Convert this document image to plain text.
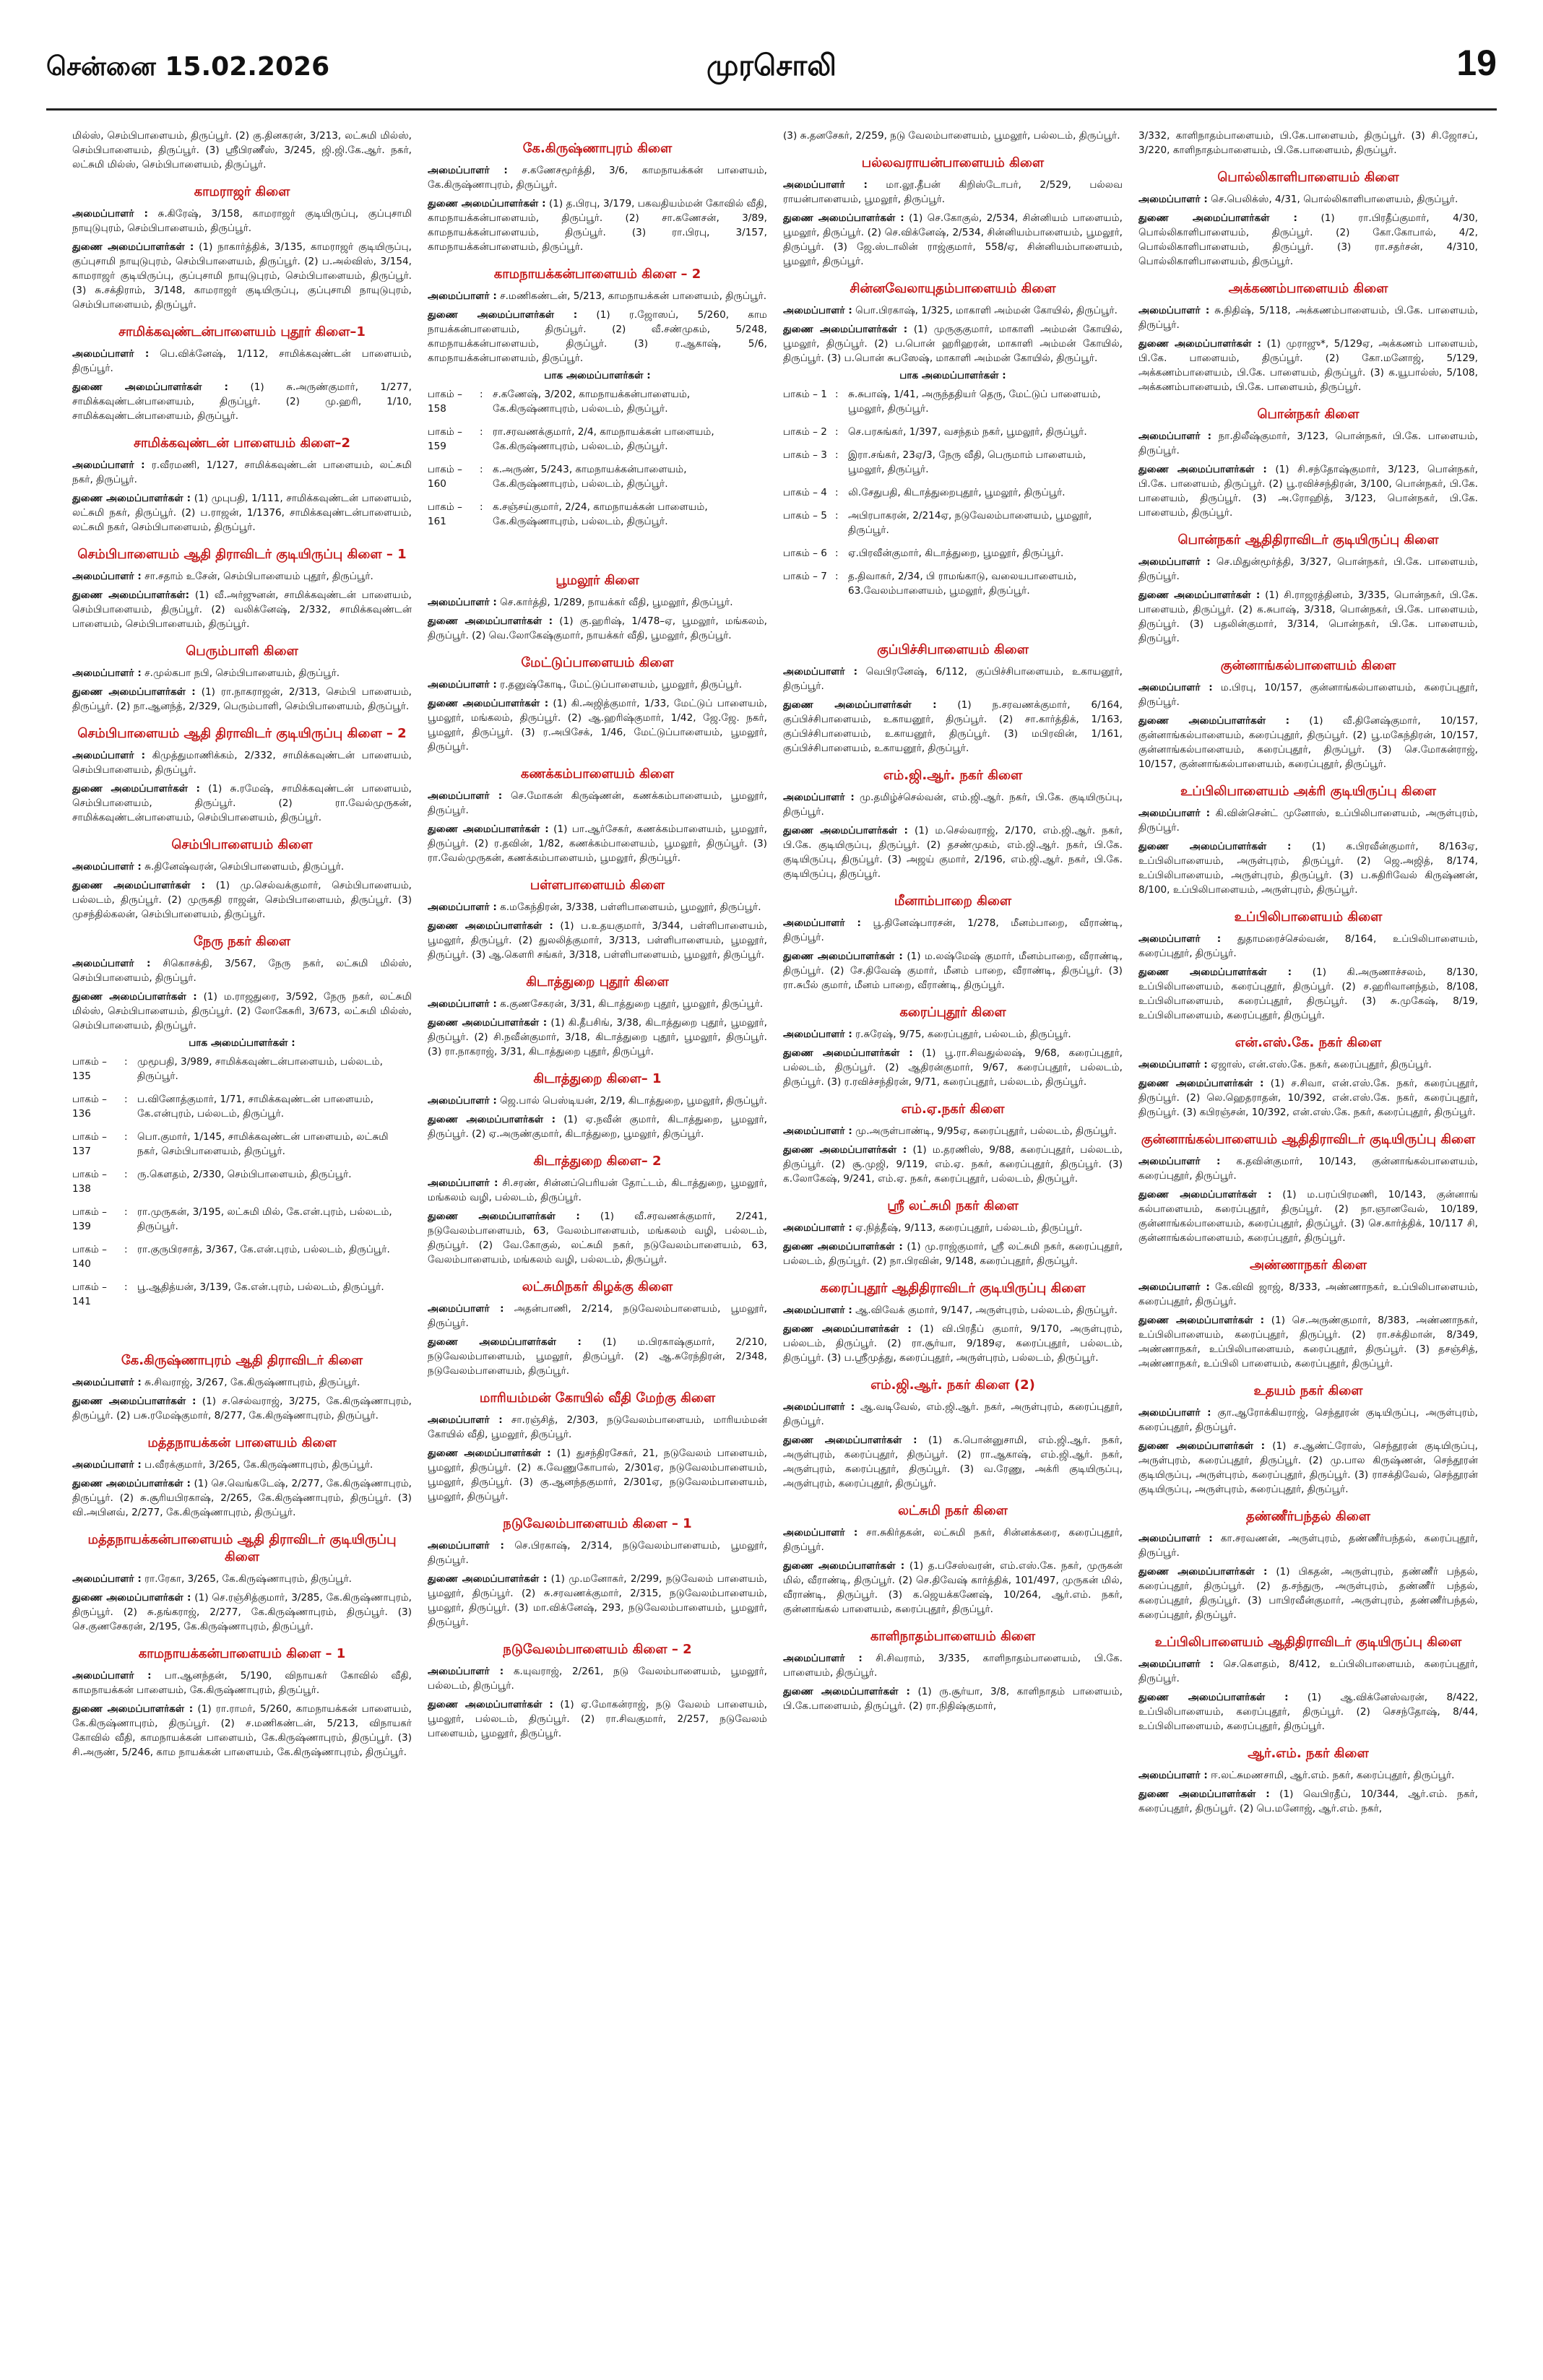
சென்னை 15.02.2026	முரசொலி	19
மில்ஸ், செம்பிபாளையம், திருப்பூர். (2) கு.தினகரன், 3/213, லட்சுமி மில்ஸ், செம்பிபாளையம், திருப்பூர். (3) ஸ்ரீபிரணீஸ், 3/245, ஜி.ஜி.கே.ஆர். நகர், லட்சுமி மில்ஸ், செம்பிபாளையம், திருப்பூர்.
காமராஜர் கிளை
அமைப்பாளர் : சு.கிரேஷ், 3/158, காமராஜர் குடியிருப்பு, குப்புசாமி நாயுடுபுரம், செம்பிபாளையம், திருப்பூர்.
துணை அமைப்பாளர்கள் : (1) நாகார்த்திக், 3/135, காமராஜர் குடியிருப்பு, குப்புசாமி நாயுடுபுரம், செம்பிபாளையம், திருப்பூர். (2) ப.அல்விஸ், 3/154, காமராஜர் குடியிருப்பு, குப்புசாமி நாயுடுபுரம், செம்பிபாளையம், திருப்பூர். (3) சு.சக்திராம், 3/148, காமராஜர் குடியிருப்பு, குப்புசாமி நாயுடுபுரம், செம்பிபாளையம், திருப்பூர்.
சாமிக்கவுண்டன்பாளையம் புதூர் கிளை–1
அமைப்பாளர் : பெ.விக்னேஷ், 1/112, சாமிக்கவுண்டன் பாளையம், திருப்பூர்.
துணை அமைப்பாளர்கள் : (1) சு.அருண்குமார், 1/277, சாமிக்கவுண்டன்பாளையம், திருப்பூர். (2) மு.ஹரி, 1/10, சாமிக்கவுண்டன்பாளையம், திருப்பூர்.
சாமிக்கவுண்டன் பாளையம் கிளை–2
அமைப்பாளர் : ர.வீரமணி, 1/127, சாமிக்கவுண்டன் பாளையம், லட்சுமி நகர், திருப்பூர்.
துணை அமைப்பாளர்கள் : (1) முபுபதி, 1/111, சாமிக்கவுண்டன் பாளையம், லட்சுமி நகர், திருப்பூர். (2) ப.ராஜன், 1/1376, சாமிக்கவுண்டன்பாளையம், லட்சுமி நகர், செம்பிபாளையம், திருப்பூர்.
செம்பிபாளையம் ஆதி திராவிடர் குடியிருப்பு கிளை – 1
அமைப்பாளர் : சா.சதாம் உசேன், செம்பிபாளையம் புதூர், திருப்பூர்.
துணை அமைப்பாளர்கள்: (1) வீ.அர்ஜுனன், சாமிக்கவுண்டன் பாளையம், செம்பிபாளையம், திருப்பூர். (2) வலிக்னேஷ், 2/332, சாமிக்கவுண்டன் பாளையம், செம்பிபாளையம், திருப்பூர்.
பெரும்பாளி கிளை
அமைப்பாளர் : ச.முல்கபா நபி, செம்பிபாளையம், திருப்பூர்.
துணை அமைப்பாளர்கள் : (1) ரா.நாகராஜன், 2/313, செம்பி பாளையம், திருப்பூர். (2) நா.ஆனந்த், 2/329, பெரும்பாளி, செம்பிபாளையம், திருப்பூர்.
செம்பிபாளையம் ஆதி திராவிடர் குடியிருப்பு கிளை – 2
அமைப்பாளர் : கிமுத்துமாணிக்கம், 2/332, சாமிக்கவுண்டன் பாளையம், செம்பிபாளையம், திருப்பூர்.
துணை அமைப்பாளர்கள் : (1) சு.ரமேஷ், சாமிக்கவுண்டன் பாளையம், செம்பிபாளையம், திருப்பூர். (2) ரா.வேல்முருகன், சாமிக்கவுண்டன்பாளையம், செம்பிபாளையம், திருப்பூர்.
செம்பிபாளையம் கிளை
அமைப்பாளர் : சு.தினேஷ்வரன், செம்பிபாளையம், திருப்பூர்.
துணை அமைப்பாளர்கள் : (1) மு.செல்வக்குமார், செம்பிபாளையம், பல்லடம், திருப்பூர். (2) முருகதி ராஜன், செம்பிபாளையம், திருப்பூர். (3) முசந்தில்கலன், செம்பிபாளையம், திருப்பூர்.
நேரு நகர் கிளை
அமைப்பாளர் : சிகொசக்தி, 3/567, நேரு நகர், லட்சுமி மில்ஸ், செம்பிபாளையம், திருப்பூர்.
துணை அமைப்பாளர்கள் : (1) ம.ராஜதுரை, 3/592, நேரு நகர், லட்சுமி மில்ஸ், செம்பிபாளையம், திருப்பூர். (2) லோகேசுரி, 3/673, லட்சுமி மில்ஸ், செம்பிபாளையம், திருப்பூர்.
பாக அமைப்பாளர்கள் :
பாகம் – 135
: முமூபதி, 3/989, சாமிக்கவுண்டன்பாளையம், பல்லடம், திருப்பூர்.
பாகம் – 136
: ப.வினோத்குமார், 1/71, சாமிக்கவுண்டன் பாளையம், கே.என்புரம், பல்லடம், திருப்பூர்.
பாகம் – 137
: பொ.குமார், 1/145, சாமிக்கவுண்டன் பாளையம், லட்சுமி நகர், செம்பிபாளையம், திருப்பூர்.
பாகம் – 138
: ரு.கௌதம், 2/330, செம்பிபாளையம், திருப்பூர்.
பாகம் – 139
: ரா.முருகன், 3/195, லட்சுமி மில், கே.என்.புரம், பல்லடம், திருப்பூர்.
பாகம் – 140
: ரா.குருபிரசாத், 3/367, கே.என்.புரம், பல்லடம், திருப்பூர்.
பாகம் – 141
: பூ.ஆதித்யன், 3/139, கே.என்.புரம், பல்லடம், திருப்பூர்.
கே.கிருஷ்ணாபுரம் ஆதி திராவிடர் கிளை
அமைப்பாளர் : சு.சிவராஜ், 3/267, கே.கிருஷ்ணாபுரம், திருப்பூர்.
துணை அமைப்பாளர்கள் : (1) ச.செல்வராஜ், 3/275, கே.கிருஷ்ணாபுரம், திருப்பூர். (2) பசு.ரமேஷ்குமார், 8/277, கே.கிருஷ்ணாபுரம், திருப்பூர்.
மத்தநாயக்கன் பாளையம் கிளை
அமைப்பாளர் : ப.வீரக்குமார், 3/265, கே.கிருஷ்ணாபுரம், திருப்பூர்.
துணை அமைப்பாளர்கள் : (1) செ.வெங்கடேஷ், 2/277, கே.கிருஷ்ணாபுரம், திருப்பூர். (2) சு.சூரியபிரகாஷ், 2/265, கே.கிருஷ்ணாபுரம், திருப்பூர். (3) வி.அபினவ், 2/277, கே.கிருஷ்ணாபுரம், திருப்பூர்.
மத்தநாயக்கன்பாளையம் ஆதி திராவிடர் குடியிருப்பு கிளை
அமைப்பாளர் : ரா.ரேகா, 3/265, கே.கிருஷ்ணாபுரம், திருப்பூர்.
துணை அமைப்பாளர்கள் : (1) செ.ரஞ்சித்குமார், 3/285, கே.கிருஷ்ணாபுரம், திருப்பூர். (2) சு.தங்கராஜ், 2/277, கே.கிருஷ்ணாபுரம், திருப்பூர். (3) செ.குணசேகரன், 2/195, கே.கிருஷ்ணாபுரம், திருப்பூர்.
காமநாயக்கன்பாளையம் கிளை – 1
அமைப்பாளர் : பா.ஆனந்தன், 5/190, விநாயகர் கோவில் வீதி, காமநாயக்கன் பாளையம், கே.கிருஷ்ணாபுரம், திருப்பூர்.
துணை அமைப்பாளர்கள் : (1) ரா.ராமர், 5/260, காமநாயக்கன் பாளையம், கே.கிருஷ்ணாபுரம், திருப்பூர். (2) ச.மணிகண்டன், 5/213, விநாயகர் கோவில் வீதி, காமநாயக்கன் பாளையம், கே.கிருஷ்ணாபுரம், திருப்பூர். (3) சி.அருண், 5/246, காம நாயக்கன் பாளையம், கே.கிருஷ்ணாபுரம், திருப்பூர்.
கே.கிருஷ்ணாபுரம் கிளை
அமைப்பாளர் : ச.கணேசமூர்த்தி, 3/6, காமநாயக்கன் பாளையம், கே.கிருஷ்ணாபுரம், திருப்பூர்.
துணை அமைப்பாளர்கள் : (1) த.பிரபு, 3/179, பகவதியம்மன் கோவில் வீதி, காமநாயக்கன்பாளையம், திருப்பூர். (2) சா.கணேசன், 3/89, காமநாயக்கன்பாளையம், திருப்பூர். (3) ரா.பிரபு, 3/157, காமநாயக்கன்பாளையம், திருப்பூர்.
காமநாயக்கன்பாளையம் கிளை – 2
அமைப்பாளர் : ச.மணிகண்டன், 5/213, காமநாயக்கன் பாளையம், திருப்பூர்.
துணை அமைப்பாளர்கள் : (1) ர.ஜோஸப், 5/260, காம நாயக்கன்பாளையம், திருப்பூர். (2) வீ.சண்முகம், 5/248, காமநாயக்கன்பாளையம், திருப்பூர். (3) ர.ஆகாஷ், 5/6, காமநாயக்கன்பாளையம், திருப்பூர்.
பாக அமைப்பாளர்கள் :
பாகம் – 158
: ச.கணேஷ், 3/202, காமநாயக்கன்பாளையம், கே.கிருஷ்ணாபுரம், பல்லடம், திருப்பூர்.
பாகம் – 159
: ரா.சரவணக்குமார், 2/4, காமநாயக்கன் பாளையம், கே.கிருஷ்ணாபுரம், பல்லடம், திருப்பூர்.
பாகம் – 160
: க.அருண், 5/243, காமநாயக்கன்பாளையம், கே.கிருஷ்ணாபுரம், பல்லடம், திருப்பூர்.
பாகம் – 161
: க.சஞ்சய்குமார், 2/24, காமநாயக்கன் பாளையம், கே.கிருஷ்ணாபுரம், பல்லடம், திருப்பூர்.
பூமலூர் கிளை
அமைப்பாளர் : செ.கார்த்தி, 1/289, நாயக்கர் வீதி, பூமலூர், திருப்பூர்.
துணை அமைப்பாளர்கள் : (1) கு.ஹரிஷ், 1/478–ஏ, பூமலூர், மங்கலம், திருப்பூர். (2) வெ.லோகேஷ்குமார், நாயக்கர் வீதி, பூமலூர், திருப்பூர்.
மேட்டுப்பாளையம் கிளை
அமைப்பாளர் : ர.தனுஷ்கோடி, மேட்டுப்பாளையம், பூமலூர், திருப்பூர்.
துணை அமைப்பாளர்கள் : (1) கி.அஜித்குமார், 1/33, மேட்டுப் பாளையம், பூமலூர், மங்கலம், திருப்பூர். (2) ஆ.ஹரிஷ்குமார், 1/42, ஜே.ஜே. நகர், பூமலூர், திருப்பூர். (3) ர.அபிசேக், 1/46, மேட்டுப்பாளையம், பூமலூர், திருப்பூர்.
கணக்கம்பாளையம் கிளை
அமைப்பாளர் : செ.மோகன் கிருஷ்ணன், கணக்கம்பாளையம், பூமலூர், திருப்பூர்.
துணை அமைப்பாளர்கள் : (1) பா.ஆர்சேகர், கணக்கம்பாளையம், பூமலூர், திருப்பூர். (2) ர.தவின், 1/82, கணக்கம்பாளையம், பூமலூர், திருப்பூர். (3) ரா.வேல்முருகன், கணக்கம்பாளையம், பூமலூர், திருப்பூர்.
பள்ளபாளையம் கிளை
அமைப்பாளர் : க.மகேந்திரன், 3/338, பள்ளிபாளையம், பூமலூர், திருப்பூர்.
துணை அமைப்பாளர்கள் : (1) ப.உதயகுமார், 3/344, பள்ளிபாளையம், பூமலூர், திருப்பூர். (2) துலலித்குமார், 3/313, பள்ளிபாளையம், பூமலூர், திருப்பூர். (3) ஆ.கௌரி சங்கர், 3/318, பள்ளிபாளையம், பூமலூர், திருப்பூர்.
கிடாத்துறை புதூர் கிளை
அமைப்பாளர் : க.குணசேகரன், 3/31, கிடாத்துறை புதூர், பூமலூர், திருப்பூர்.
துணை அமைப்பாளர்கள் : (1) கி.தீபசிங், 3/38, கிடாத்துறை புதூர், பூமலூர், திருப்பூர். (2) சி.நவீன்குமார், 3/18, கிடாத்துறை புதூர், பூமலூர், திருப்பூர். (3) ரா.நாகராஜ், 3/31, கிடாத்துறை புதூர், திருப்பூர்.
கிடாத்துறை கிளை– 1
அமைப்பாளர் : ஜெ.பால் பெஸ்டியன், 2/19, கிடாத்துறை, பூமலூர், திருப்பூர்.
துணை அமைப்பாளர்கள் : (1) ஏ.நவீன் குமார், கிடாத்துறை, பூமலூர், திருப்பூர். (2) ஏ.அருண்குமார், கிடாத்துறை, பூமலூர், திருப்பூர்.
கிடாத்துறை கிளை– 2
அமைப்பாளர் : சி.சரண், சின்னப்பெரியன் தோட்டம், கிடாத்துறை, பூமலூர், மங்கலம் வழி, பல்லடம், திருப்பூர்.
துணை அமைப்பாளர்கள் : (1) வீ.சரவணக்குமார், 2/241, நடுவேலம்பாளையம், 63, வேலம்பாளையம், மங்கலம் வழி, பல்லடம், திருப்பூர். (2) வே.கோகுல், லட்சுமி நகர், நடுவேலம்பாளையம், 63, வேலம்பாளையம், மங்கலம் வழி, பல்லடம், திருப்பூர்.
லட்சுமிநகர் கிழக்கு கிளை
அமைப்பாளர் : அதன்பாணி, 2/214, நடுவேலம்பாளையம், பூமலூர், திருப்பூர்.
துணை அமைப்பாளர்கள் : (1) ம.பிரகாஷ்குமார், 2/210, நடுவேலம்பாளையம், பூமலூர், திருப்பூர். (2) ஆ.சுரேந்திரன், 2/348, நடுவேலம்பாளையம், திருப்பூர்.
மாரியம்மன் கோயில் வீதி மேற்கு கிளை
அமைப்பாளர் : சா.ரஞ்சித், 2/303, நடுவேலம்பாளையம், மாரியம்மன் கோயில் வீதி, பூமலூர், திருப்பூர்.
துணை அமைப்பாளர்கள் : (1) துசந்திரசேகர், 21, நடுவேலம் பாளையம், பூமலூர், திருப்பூர். (2) க.வேணுகோபால், 2/301ஏ, நடுவேலம்பாளையம், பூமலூர், திருப்பூர். (3) கு.ஆனந்தகுமார், 2/301ஏ, நடுவேலம்பாளையம், பூமலூர், திருப்பூர்.
நடுவேலம்பாளையம் கிளை – 1
அமைப்பாளர் : செ.பிரகாஷ், 2/314, நடுவேலம்பாளையம், பூமலூர், திருப்பூர்.
துணை அமைப்பாளர்கள் : (1) மு.மனோகர், 2/299, நடுவேலம் பாளையம், பூமலூர், திருப்பூர். (2) சு.சரவணக்குமார், 2/315, நடுவேலம்பாளையம், பூமலூர், திருப்பூர். (3) மா.விக்னேஷ், 293, நடுவேலம்பாளையம், பூமலூர், திருப்பூர்.
நடுவேலம்பாளையம் கிளை – 2
அமைப்பாளர் : க.யுவராஜ், 2/261, நடு வேலம்பாளையம், பூமலூர், பல்லடம், திருப்பூர்.
துணை அமைப்பாளர்கள் : (1) ஏ.மோகன்ராஜ், நடு வேலம் பாளையம், பூமலூர், பல்லடம், திருப்பூர். (2) ரா.சிவகுமார், 2/257, நடுவேலம் பாளையம், பூமலூர், திருப்பூர்.
(3) சு.தனசேகர், 2/259, நடு வேலம்பாளையம், பூமலூர், பல்லடம், திருப்பூர்.
பல்லவராயன்பாளையம் கிளை
அமைப்பாளர் : மா.லூ.தீபன் கிறிஸ்டோபர், 2/529, பல்லவ ராயன்பாளையம், பூமலூர், திருப்பூர்.
துணை அமைப்பாளர்கள் : (1) செ.கோகுல், 2/534, சின்னியம் பாளையம், பூமலூர், திருப்பூர். (2) செ.விக்னேஷ், 2/534, சின்னியம்பாளையம், பூமலூர், திருப்பூர். (3) ஜே.ஸ்டாலின் ராஜ்குமார், 558/ஏ, சின்னியம்பாளையம், பூமலூர், திருப்பூர்.
சின்னவேலாயுதம்பாளையம் கிளை
அமைப்பாளர் : பொ.பிரகாஷ், 1/325, மாகாளி அம்மன் கோயில், திருப்பூர்.
துணை அமைப்பாளர்கள் : (1) முருகுகுமார், மாகாளி அம்மன் கோயில், பூமலூர், திருப்பூர். (2) ப.பொன் ஹரிஹரன், மாகாளி அம்மன் கோயில், திருப்பூர். (3) ப.பொன் சுபஸேஷ், மாகாளி அம்மன் கோயில், திருப்பூர்.
பாக அமைப்பாளர்கள் :
பாகம் – 1 : சு.சுபாஷ், 1/41, அருந்ததியர் தெரு, மேட்டுப் பாளையம், பூமலூர், திருப்பூர்.
பாகம் – 2 : செ.பரசுங்கர், 1/397, வசந்தம் நகர், பூமலூர், திருப்பூர்.
பாகம் – 3 : இரா.சங்கர், 23ஏ/3, நேரு வீதி, பெருமாம் பாளையம், பூமலூர், திருப்பூர்.
பாகம் – 4 : லி.சேதுபதி, கிடாத்துறைபுதூர், பூமலூர், திருப்பூர்.
பாகம் – 5 : அபிரபாகரன், 2/214ஏ, நடுவேலம்பாளையம், பூமலூர், திருப்பூர்.
பாகம் – 6 : ஏ.பிரவீன்குமார், கிடாத்துறை, பூமலூர், திருப்பூர்.
பாகம் – 7 : த.திவாகர், 2/34, பி ராமங்காடு, வலையபாளையம், 63.வேலம்பாளையம், பூமலூர், திருப்பூர்.
குப்பிச்சிபாளையம் கிளை
அமைப்பாளர் : வெபிரனேஷ், 6/112, குப்பிச்சிபாளையம், உகாயனூர், திருப்பூர்.
துணை அமைப்பாளர்கள் : (1) ந.சரவணக்குமார், 6/164, குப்பிச்சிபாளையம், உகாயனூர், திருப்பூர். (2) சா.கார்த்திக், 1/163, குப்பிச்சிபாளையம், உகாயனூர், திருப்பூர். (3) மபிரவின், 1/161, குப்பிச்சிபாளையம், உகாயனூர், திருப்பூர்.
எம்.ஜி.ஆர். நகர் கிளை
அமைப்பாளர் : மு.தமிழ்ச்செல்வன், எம்.ஜி.ஆர். நகர், பி.கே. குடியிருப்பு, திருப்பூர்.
துணை அமைப்பாளர்கள் : (1) ம.செல்வராஜ், 2/170, எம்.ஜி.ஆர். நகர், பி.கே. குடியிருப்பு, திருப்பூர். (2) தசண்முகம், எம்.ஜி.ஆர். நகர், பி.கே. குடியிருப்பு, திருப்பூர். (3) அஜய் குமார், 2/196, எம்.ஜி.ஆர். நகர், பி.கே. குடியிருப்பு, திருப்பூர்.
மீனாம்பாறை கிளை
அமைப்பாளர் : பூ.தினேஷ்பாரசன், 1/278, மீனம்பாறை, வீராண்டி, திருப்பூர்.
துணை அமைப்பாளர்கள் : (1) ம.லஷ்மேஷ் குமார், மீனம்பாறை, வீராண்டி, திருப்பூர். (2) சே.திவேஷ் குமார், மீனம் பாறை, வீராண்டி, திருப்பூர். (3) ரா.சுபீல் குமார், மீனம் பாறை, வீராண்டி, திருப்பூர்.
கரைப்புதூர் கிளை
அமைப்பாளர் : ர.சுரேஷ், 9/75, கரைப்புதூர், பல்லடம், திருப்பூர்.
துணை அமைப்பாளர்கள் : (1) பூ.ரா.சிவதுல்லஷ், 9/68, கரைப்புதூர், பல்லடம், திருப்பூர். (2) ஆதிரன்குமார், 9/67, கரைப்புதூர், பல்லடம், திருப்பூர். (3) ர.ரவிச்சந்திரன், 9/71, கரைப்புதூர், பல்லடம், திருப்பூர்.
எம்.ஏ.நகர் கிளை
அமைப்பாளர் : மு.அருள்பாண்டி, 9/95ஏ, கரைப்புதூர், பல்லடம், திருப்பூர்.
துணை அமைப்பாளர்கள் : (1) ம.தரணிஸ், 9/88, கரைப்புதூர், பல்லடம், திருப்பூர். (2) சூ.முஜி, 9/119, எம்.ஏ. நகர், கரைப்புதூர், திருப்பூர். (3) க.லோகேஷ், 9/241, எம்.ஏ. நகர், கரைப்புதூர், பல்லடம், திருப்பூர்.
ஸ்ரீ லட்சுமி நகர் கிளை
அமைப்பாளர் : ஏ.நித்தீஷ், 9/113, கரைப்புதூர், பல்லடம், திருப்பூர்.
துணை அமைப்பாளர்கள் : (1) மு.ராஜ்குமார், ஸ்ரீ லட்சுமி நகர், கரைப்புதூர், பல்லடம், திருப்பூர். (2) நா.பிரவின், 9/148, கரைப்புதூர், திருப்பூர்.
கரைப்புதூர் ஆதிதிராவிடர் குடியிருப்பு கிளை
அமைப்பாளர் : ஆ.விவேக் குமார், 9/147, அருள்புரம், பல்லடம், திருப்பூர்.
துணை அமைப்பாளர்கள் : (1) வி.பிரதீப் குமார், 9/170, அருள்புரம், பல்லடம், திருப்பூர். (2) ரா.சூர்யா, 9/189ஏ, கரைப்புதூர், பல்லடம், திருப்பூர். (3) ப.ஸ்ரீமுத்து, கரைப்புதூர், அருள்புரம், பல்லடம், திருப்பூர்.
எம்.ஜி.ஆர். நகர் கிளை (2)
அமைப்பாளர் : ஆ.வடிவேல், எம்.ஜி.ஆர். நகர், அருள்புரம், கரைப்புதூர், திருப்பூர்.
துணை அமைப்பாளர்கள் : (1) க.பொன்னுசாமி, எம்.ஜி.ஆர். நகர், அருள்புரம், கரைப்புதூர், திருப்பூர். (2) ரா.ஆகாஷ், எம்.ஜி.ஆர். நகர், அருள்புரம், கரைப்புதூர், திருப்பூர். (3) வ.ரேணு, அக்ரி குடியிருப்பு, அருள்புரம், கரைப்புதூர், திருப்பூர்.
லட்சுமி நகர் கிளை
அமைப்பாளர் : சா.சுகிர்தகன், லட்சுமி நகர், சின்னக்கரை, கரைப்புதூர், திருப்பூர்.
துணை அமைப்பாளர்கள் : (1) த.பசேஸ்வரன், எம்.எஸ்.கே. நகர், முருகன் மில், வீராண்டி, திருப்பூர். (2) செ.திவேஷ் கார்த்திக், 101/497, முருகன் மில், வீராண்டி, திருப்பூர். (3) க.ஜெயக்கணேஷ், 10/264, ஆர்.எம். நகர், குன்னாங்கல் பாளையம், கரைப்புதூர், திருப்பூர்.
காளிநாதம்பாளையம் கிளை
அமைப்பாளர் : சி.சிவராம், 3/335, காளிநாதம்பாளையம், பி.கே. பாளையம், திருப்பூர்.
துணை அமைப்பாளர்கள் : (1) ரு.சூர்யா, 3/8, காளிநாதம் பாளையம், பி.கே.பாளையம், திருப்பூர். (2) ரா.நிதிஷ்குமார்,
3/332, காளிநாதம்பாளையம், பி.கே.பாளையம், திருப்பூர். (3) சி.ஜோசப், 3/220, காளிநாதம்பாளையம், பி.கே.பாளையம், திருப்பூர்.
பொல்லிகாளிபாளையம் கிளை
அமைப்பாளர் : செ.பெலிக்ஸ், 4/31, பொல்லிகாளிபாளையம், திருப்பூர்.
துணை அமைப்பாளர்கள் : (1) ரா.பிரதீப்குமார், 4/30, பொல்லிகாளிபாளையம், திருப்பூர். (2) கோ.கோபால், 4/2, பொல்லிகாளிபாளையம், திருப்பூர். (3) ரா.சதர்சன், 4/310, பொல்லிகாளிபாளையம், திருப்பூர்.
அக்கணம்பாளையம் கிளை
அமைப்பாளர் : சு.நிதிஷ், 5/118, அக்கணம்பாளையம், பி.கே. பாளையம், திருப்பூர்.
துணை அமைப்பாளர்கள் : (1) முராஜு*, 5/129ஏ, அக்கணம் பாளையம், பி.கே. பாளையம், திருப்பூர். (2) கோ.மனோஜ், 5/129, அக்கணம்பாளையம், பி.கே. பாளையம், திருப்பூர். (3) க.யூபால்ஸ், 5/108, அக்கணம்பாளையம், பி.கே. பாளையம், திருப்பூர்.
பொன்நகர் கிளை
அமைப்பாளர் : நா.திலீஷ்குமார், 3/123, பொன்நகர், பி.கே. பாளையம், திருப்பூர்.
துணை அமைப்பாளர்கள் : (1) சி.சந்தோஷ்குமார், 3/123, பொன்நகர், பி.கே. பாளையம், திருப்பூர். (2) பூ.ரவிச்சந்திரன், 3/100, பொன்நகர், பி.கே. பாளையம், திருப்பூர். (3) அ.ரோஹித், 3/123, பொன்நகர், பி.கே. பாளையம், திருப்பூர்.
பொன்நகர் ஆதிதிராவிடர் குடியிருப்பு கிளை
அமைப்பாளர் : செ.மிதுன்மூர்த்தி, 3/327, பொன்நகர், பி.கே. பாளையம், திருப்பூர்.
துணை அமைப்பாளர்கள் : (1) சி.ராஜரத்தினம், 3/335, பொன்நகர், பி.கே. பாளையம், திருப்பூர். (2) க.சுபாஷ், 3/318, பொன்நகர், பி.கே. பாளையம், திருப்பூர். (3) பதலின்குமார், 3/314, பொன்நகர், பி.கே. பாளையம், திருப்பூர்.
குன்னாங்கல்பாளையம் கிளை
அமைப்பாளர் : ம.பிரபு, 10/157, குன்னாங்கல்பாளையம், கரைப்புதூர், திருப்பூர்.
துணை அமைப்பாளர்கள் : (1) வீ.தினேஷ்குமார், 10/157, குன்னாங்கல்பாளையம், கரைப்புதூர், திருப்பூர். (2) பூ.மகேந்திரன், 10/157, குன்னாங்கல்பாளையம், கரைப்புதூர், திருப்பூர். (3) செ.மோகன்ராஜ், 10/157, குன்னாங்கல்பாளையம், கரைப்புதூர், திருப்பூர்.
உப்பிலிபாளையம் அக்ரி குடியிருப்பு கிளை
அமைப்பாளர் : கி.வின்சென்ட் முனோஸ், உப்பிலிபாளையம், அருள்புரம், திருப்பூர்.
துணை அமைப்பாளர்கள் : (1) க.பிரவீன்குமார், 8/163ஏ, உப்பிலிபாளையம், அருள்புரம், திருப்பூர். (2) ஜெ.அஜித், 8/174, உப்பிலிபாளையம், அருள்புரம், திருப்பூர். (3) ப.சுதிரிவேல் கிருஷ்ணன், 8/100, உப்பிலிபாளையம், அருள்புரம், திருப்பூர்.
உப்பிலிபாளையம் கிளை
அமைப்பாளர் : துதாமரைச்செல்வன், 8/164, உப்பிலிபாளையம், கரைப்புதூர், திருப்பூர்.
துணை அமைப்பாளர்கள் : (1) கி.அருணாச்சலம், 8/130, உப்பிலிபாளையம், கரைப்புதூர், திருப்பூர். (2) ச.ஹரிவானந்தம், 8/108, உப்பிலிபாளையம், கரைப்புதூர், திருப்பூர். (3) சு.முகேஷ், 8/19, உப்பிலிபாளையம், கரைப்புதூர், திருப்பூர்.
என்.எஸ்.கே. நகர் கிளை
அமைப்பாளர் : ஏஜாஸ், என்.எஸ்.கே. நகர், கரைப்புதூர், திருப்பூர்.
துணை அமைப்பாளர்கள் : (1) ச.சிவா, என்.எஸ்.கே. நகர், கரைப்புதூர், திருப்பூர். (2) லெ.ஹெதராதன், 10/392, என்.எஸ்.கே. நகர், கரைப்புதூர், திருப்பூர். (3) கபிரஞ்சன், 10/392, என்.எஸ்.கே. நகர், கரைப்புதூர், திருப்பூர்.
குன்னாங்கல்பாளையம் ஆதிதிராவிடர் குடியிருப்பு கிளை
அமைப்பாளர் : க.தவின்குமார், 10/143, குன்னாங்கல்பாளையம், கரைப்புதூர், திருப்பூர்.
துணை அமைப்பாளர்கள் : (1) ம.பரப்பிரமணி, 10/143, குன்னாங் கல்பாளையம், கரைப்புதூர், திருப்பூர். (2) நா.ஞானவேல், 10/189, குன்னாங்கல்பாளையம், கரைப்புதூர், திருப்பூர். (3) செ.கார்த்திக், 10/117 சி, குன்னாங்கல்பாளையம், கரைப்புதூர், திருப்பூர்.
அண்ணாநகர் கிளை
அமைப்பாளர் : கே.விவி ஜாஜ், 8/333, அண்ணாநகர், உப்பிலிபாளையம், கரைப்புதூர், திருப்பூர்.
துணை அமைப்பாளர்கள் : (1) செ.அருண்குமார், 8/383, அண்ணாநகர், உப்பிலிபாளையம், கரைப்புதூர், திருப்பூர். (2) ரா.சக்திமான், 8/349, அண்ணாநகர், உப்பிலிபாளையம், கரைப்புதூர், திருப்பூர். (3) தசஞ்சித், அண்ணாநகர், உப்பிலி பாளையம், கரைப்புதூர், திருப்பூர்.
உதயம் நகர் கிளை
அமைப்பாளர் : குா.ஆரோக்கியராஜ், செந்தூரன் குடியிருப்பு, அருள்புரம், கரைப்புதூர், திருப்பூர்.
துணை அமைப்பாளர்கள் : (1) ச.ஆண்ட்ரோஸ், செந்தூரன் குடியிருப்பு, அருள்புரம், கரைப்புதூர், திருப்பூர். (2) மு.பால கிருஷ்ணன், செந்தூரன் குடியிருப்பு, அருள்புரம், கரைப்புதூர், திருப்பூர். (3) ராசக்திவேல், செந்தூரன் குடியிருப்பு, அருள்புரம், கரைப்புதூர், திருப்பூர்.
தண்ணீர்பந்தல் கிளை
அமைப்பாளர் : கா.சரவணன், அருள்புரம், தண்ணீர்பந்தல், கரைப்புதூர், திருப்பூர்.
துணை அமைப்பாளர்கள் : (1) பிகதன், அருள்புரம், தண்ணீர் பந்தல், கரைப்புதூர், திருப்பூர். (2) த.சந்துரு, அருள்புரம், தண்ணீர் பந்தல், கரைப்புதூர், திருப்பூர். (3) பாபிரவீன்குமார், அருள்புரம், தண்ணீர்பந்தல், கரைப்புதூர், திருப்பூர்.
உப்பிலிபாளையம் ஆதிதிராவிடர் குடியிருப்பு கிளை
அமைப்பாளர் : செ.கௌதம், 8/412, உப்பிலிபாளையம், கரைப்புதூர், திருப்பூர்.
துணை அமைப்பாளர்கள் : (1) ஆ.விக்னேஸ்வரன், 8/422, உப்பிலிபாளையம், கரைப்புதூர், திருப்பூர். (2) செசந்தோஷ், 8/44, உப்பிலிபாளையம், கரைப்புதூர், திருப்பூர்.
ஆர்.எம். நகர் கிளை
அமைப்பாளர் : ஈ.லட்சுமணசாமி, ஆர்.எம். நகர், கரைப்புதூர், திருப்பூர்.
துணை அமைப்பாளர்கள் : (1) வெபிரதீப், 10/344, ஆர்.எம். நகர், கரைப்புதூர், திருப்பூர். (2) பெ.மனோஜ், ஆர்.எம். நகர்,
